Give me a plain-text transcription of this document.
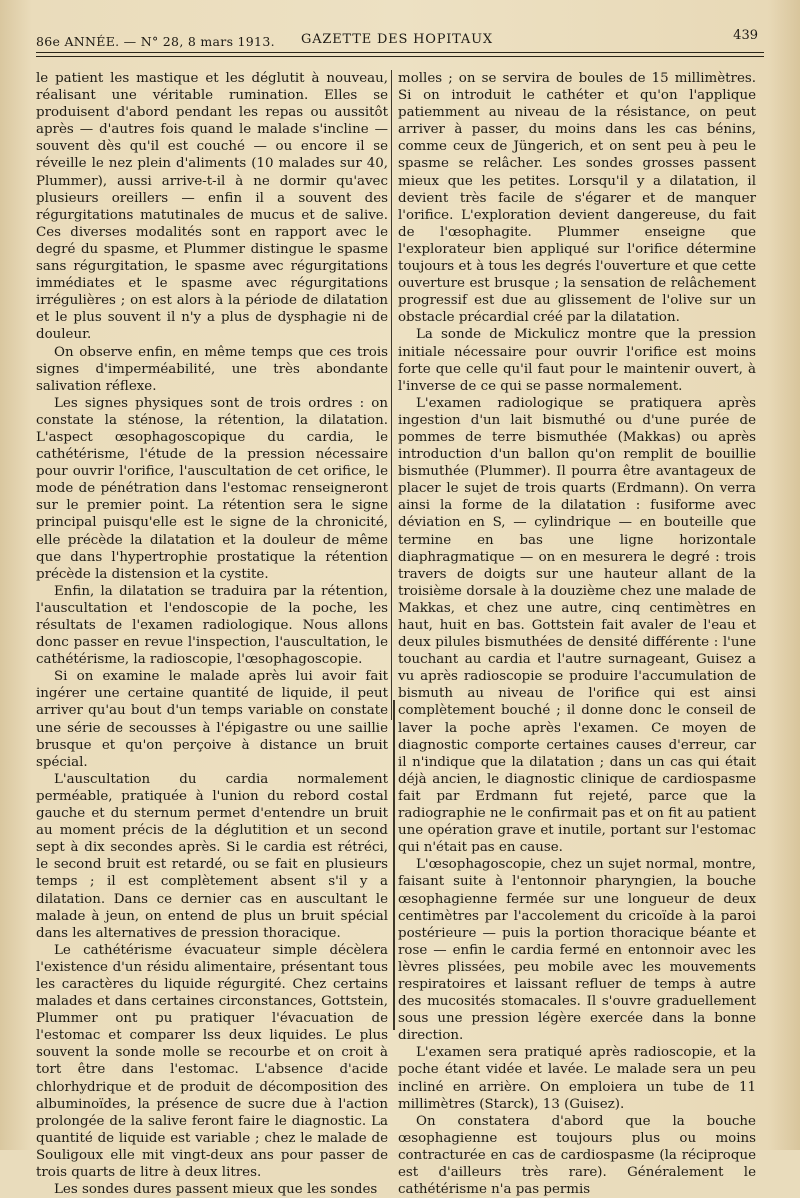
86e ANNÉE. — N° 28, 8 mars 1913.	GAZETTE DES HOPITAUX	439

le patient les mastique et les déglutit à nouveau, réalisant une véritable rumination. Elles se produisent d'abord pendant les repas ou aussitôt après — d'autres fois quand le malade s'incline — souvent dès qu'il est couché — ou encore il se réveille le nez plein d'aliments (10 malades sur 40, Plummer), aussi arrive-t-il à ne dormir qu'avec plusieurs oreillers — enfin il a souvent des régurgitations matutinales de mucus et de salive. Ces diverses modalités sont en rapport avec le degré du spasme, et Plummer distingue le spasme sans régurgitation, le spasme avec régurgitations immédiates et le spasme avec régurgitations irrégulières ; on est alors à la période de dilatation et le plus souvent il n'y a plus de dysphagie ni de douleur.

On observe enfin, en même temps que ces trois signes d'imperméabilité, une très abondante salivation réflexe.

Les signes physiques sont de trois ordres : on constate la sténose, la rétention, la dilatation. L'aspect œsophagoscopique du cardia, le cathétérisme, l'étude de la pression nécessaire pour ouvrir l'orifice, l'auscultation de cet orifice, le mode de pénétration dans l'estomac renseigneront sur le premier point. La rétention sera le signe principal puisqu'elle est le signe de la chronicité, elle précède la dilatation et la douleur de même que dans l'hypertrophie prostatique la rétention précède la distension et la cystite.

Enfin, la dilatation se traduira par la rétention, l'auscultation et l'endoscopie de la poche, les résultats de l'examen radiologique. Nous allons donc passer en revue l'inspection, l'auscultation, le cathétérisme, la radioscopie, l'œsophagoscopie.

Si on examine le malade après lui avoir fait ingérer une certaine quantité de liquide, il peut arriver qu'au bout d'un temps variable on constate une série de secousses à l'épigastre ou une saillie brusque et qu'on perçoive à distance un bruit spécial.

L'auscultation du cardia normalement perméable, pratiquée à l'union du rebord costal gauche et du sternum permet d'entendre un bruit au moment précis de la déglutition et un second sept à dix secondes après. Si le cardia est rétréci, le second bruit est retardé, ou se fait en plusieurs temps ; il est complètement absent s'il y a dilatation. Dans ce dernier cas en auscultant le malade à jeun, on entend de plus un bruit spécial dans les alternatives de pression thoracique.

Le cathétérisme évacuateur simple décèlera l'existence d'un résidu alimentaire, présentant tous les caractères du liquide régurgité. Chez certains malades et dans certaines circonstances, Gottstein, Plummer ont pu pratiquer l'évacuation de l'estomac et comparer lss deux liquides. Le plus souvent la sonde molle se recourbe et on croit à tort être dans l'estomac. L'absence d'acide chlorhydrique et de produit de décomposition des albuminoïdes, la présence de sucre due à l'action prolongée de la salive feront faire le diagnostic. La quantité de liquide est variable ; chez le malade de Souligoux elle mit vingt-deux ans pour passer de trois quarts de litre à deux litres.

Les sondes dures passent mieux que les sondes

molles ; on se servira de boules de 15 millimètres. Si on introduit le cathéter et qu'on l'applique patiemment au niveau de la résistance, on peut arriver à passer, du moins dans les cas bénins, comme ceux de Jüngerich, et on sent peu à peu le spasme se relâcher. Les sondes grosses passent mieux que les petites. Lorsqu'il y a dilatation, il devient très facile de s'égarer et de manquer l'orifice. L'exploration devient dangereuse, du fait de l'œsophagite. Plummer enseigne que l'explorateur bien appliqué sur l'orifice détermine toujours et à tous les degrés l'ouverture et que cette ouverture est brusque ; la sensation de relâchement progressif est due au glissement de l'olive sur un obstacle précardial créé par la dilatation.

La sonde de Mickulicz montre que la pression initiale nécessaire pour ouvrir l'orifice est moins forte que celle qu'il faut pour le maintenir ouvert, à l'inverse de ce qui se passe normalement.

L'examen radiologique se pratiquera après ingestion d'un lait bismuthé ou d'une purée de pommes de terre bismuthée (Makkas) ou après introduction d'un ballon qu'on remplit de bouillie bismuthée (Plummer). Il pourra être avantageux de placer le sujet de trois quarts (Erdmann). On verra ainsi la forme de la dilatation : fusiforme avec déviation en S, — cylindrique — en bouteille que termine en bas une ligne horizontale diaphragmatique — on en mesurera le degré : trois travers de doigts sur une hauteur allant de la troisième dorsale à la douzième chez une malade de Makkas, et chez une autre, cinq centimètres en haut, huit en bas. Gottstein fait avaler de l'eau et deux pilules bismuthées de densité différente : l'une touchant au cardia et l'autre surnageant, Guisez a vu après radioscopie se produire l'accumulation de bismuth au niveau de l'orifice qui est ainsi complètement bouché ; il donne donc le conseil de laver la poche après l'examen. Ce moyen de diagnostic comporte certaines causes d'erreur, car il n'indique que la dilatation ; dans un cas qui était déjà ancien, le diagnostic clinique de cardiospasme fait par Erdmann fut rejeté, parce que la radiographie ne le confirmait pas et on fit au patient une opération grave et inutile, portant sur l'estomac qui n'était pas en cause.

L'œsophagoscopie, chez un sujet normal, montre, faisant suite à l'entonnoir pharyngien, la bouche œsophagienne fermée sur une longueur de deux centimètres par l'accolement du cricoïde à la paroi postérieure — puis la portion thoracique béante et rose — enfin le cardia fermé en entonnoir avec les lèvres plissées, peu mobile avec les mouvements respiratoires et laissant refluer de temps à autre des mucosités stomacales. Il s'ouvre graduellement sous une pression légère exercée dans la bonne direction.

L'examen sera pratiqué après radioscopie, et la poche étant vidée et lavée. Le malade sera un peu incliné en arrière. On emploiera un tube de 11 millimètres (Starck), 13 (Guisez).

On constatera d'abord que la bouche œsophagienne est toujours plus ou moins contracturée en cas de cardiospasme (la réciproque est d'ailleurs très rare). Généralement le cathétérisme n'a pas permis
